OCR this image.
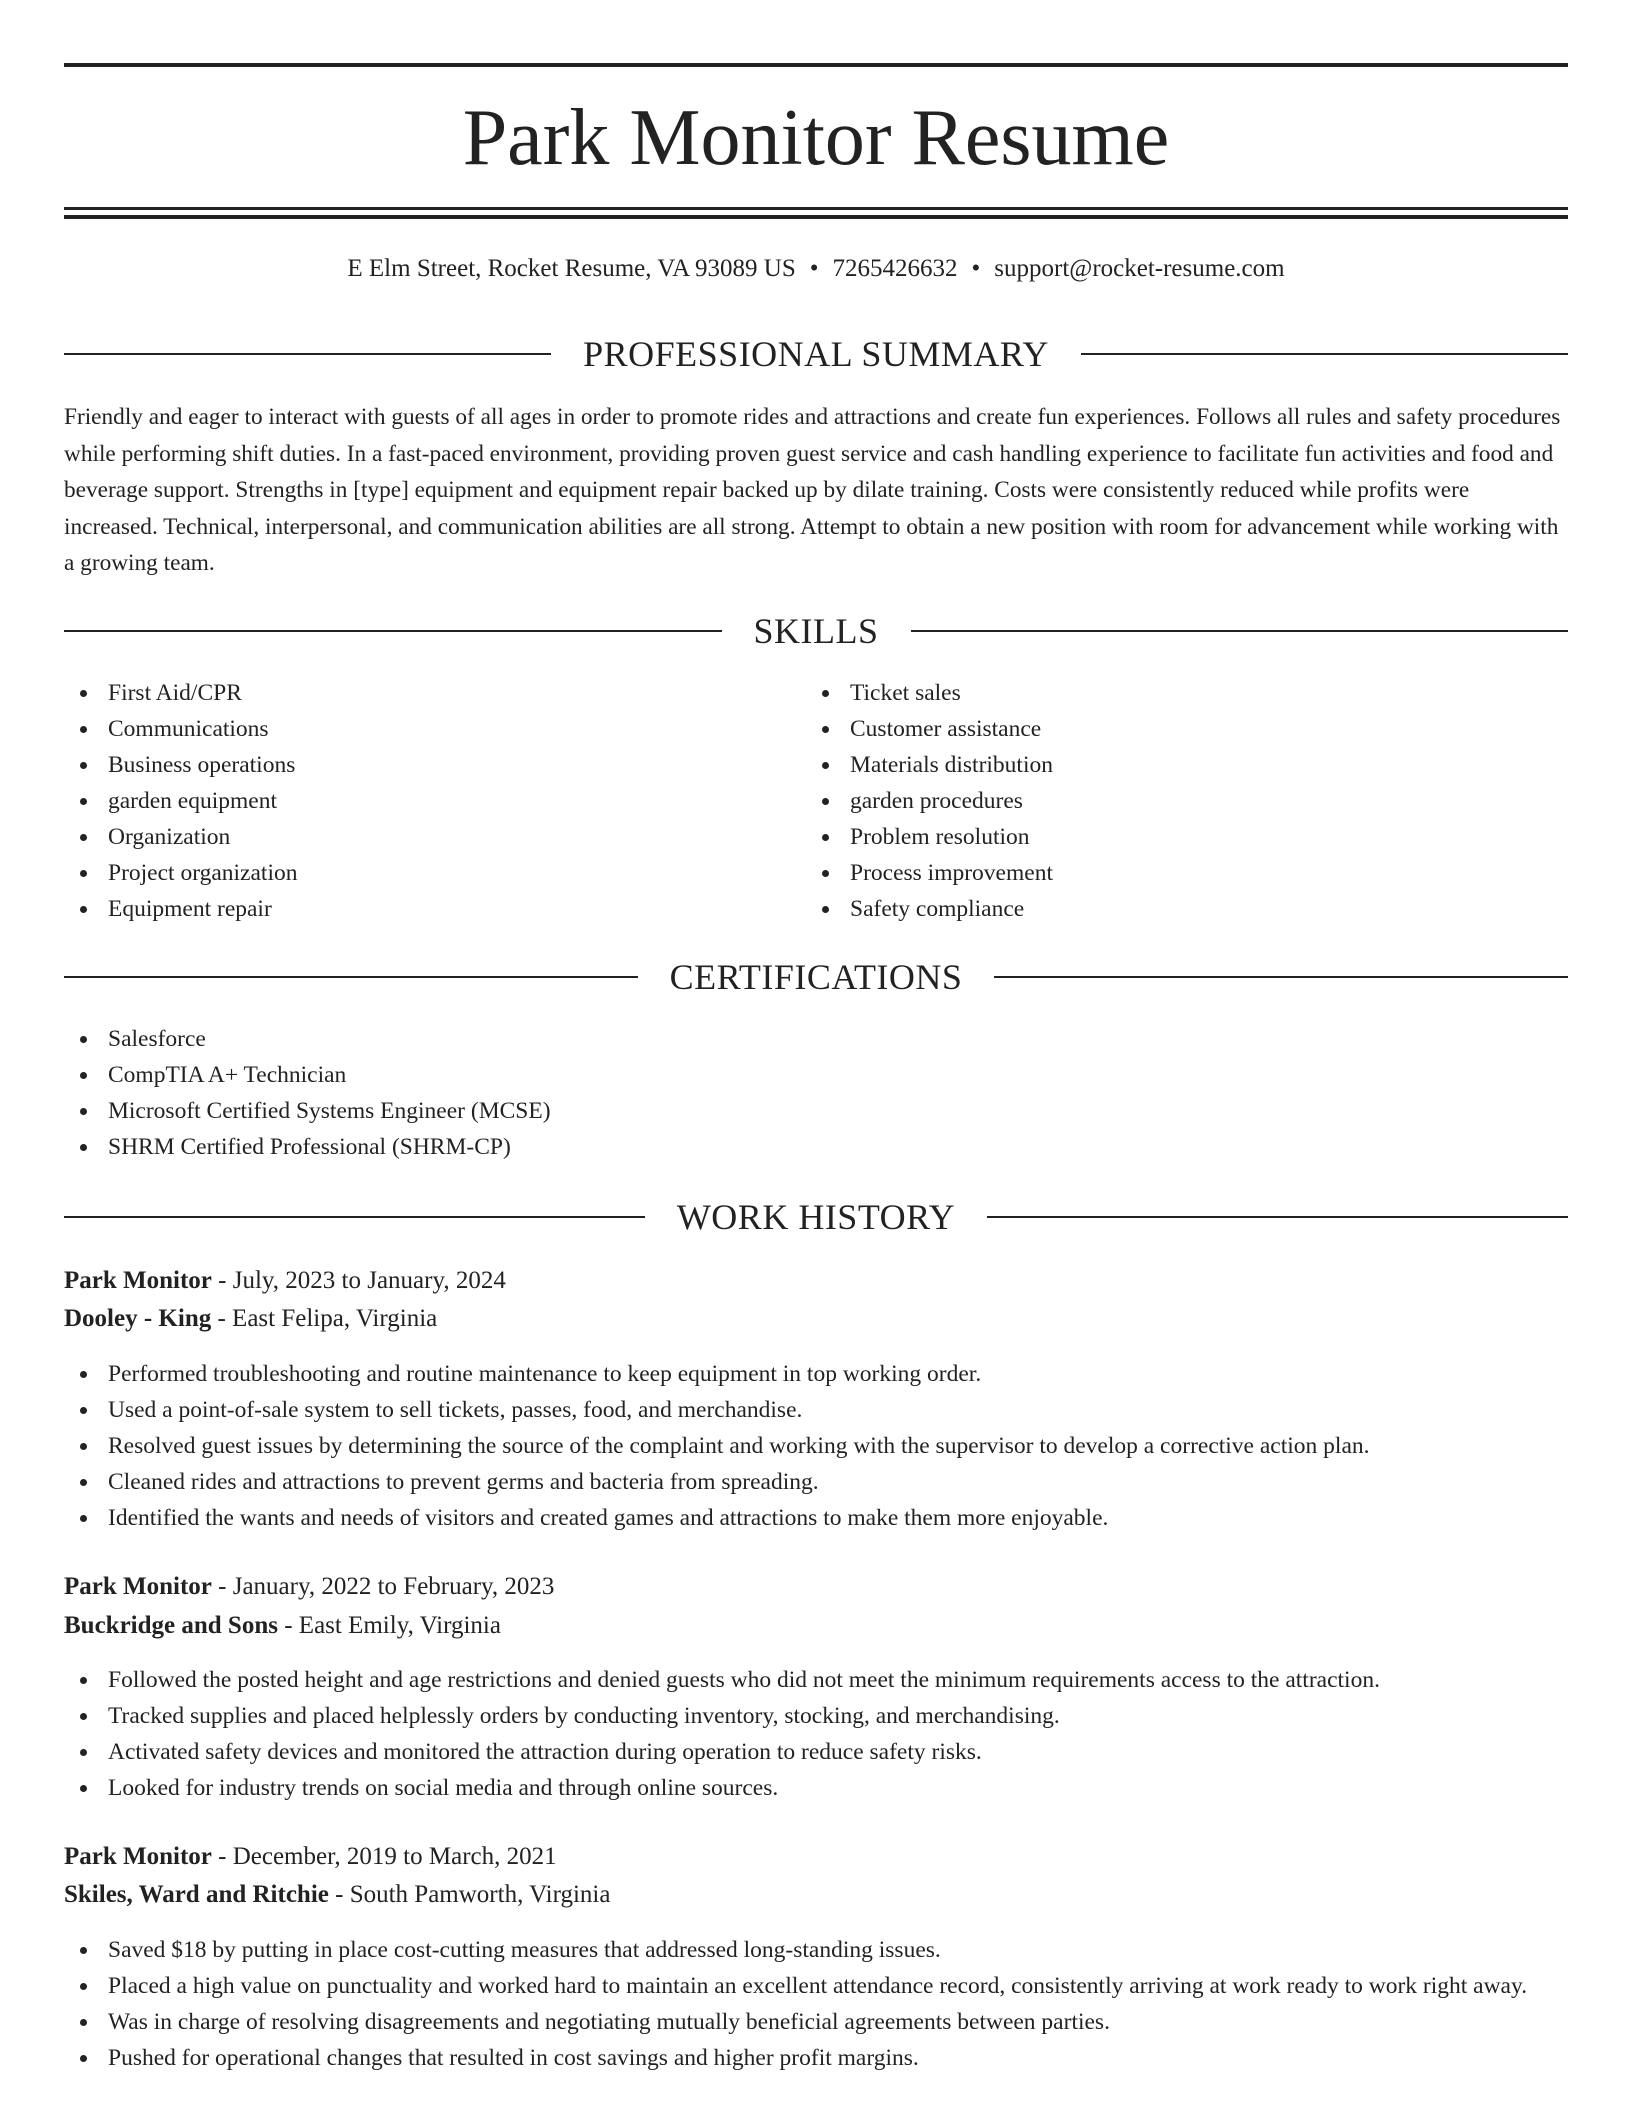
Park Monitor Resume
E Elm Street, Rocket Resume, VA 93089 US • 7265426632 • support@rocket-resume.com
PROFESSIONAL SUMMARY

Friendly and eager to interact with guests of all ages in order to promote rides and attractions and create fun experiences. Follows all rules and safety procedures while performing shift duties. In a fast-paced environment, providing proven guest service and cash handling experience to facilitate fun activities and food and beverage support. Strengths in [type] equipment and equipment repair backed up by dilate training. Costs were consistently reduced while profits were increased. Technical, interpersonal, and communication abilities are all strong. Attempt to obtain a new position with room for advancement while working with a growing team.

SKILLS
First Aid/CPR
Communications
Business operations
garden equipment
Organization
Project organization
Equipment repair
Ticket sales
Customer assistance
Materials distribution
garden procedures
Problem resolution
Process improvement
Safety compliance
CERTIFICATIONS
Salesforce
CompTIA A+ Technician
Microsoft Certified Systems Engineer (MCSE)
SHRM Certified Professional (SHRM-CP)
WORK HISTORY
Park Monitor - July, 2023 to January, 2024
Dooley - King - East Felipa, Virginia
Performed troubleshooting and routine maintenance to keep equipment in top working order.
Used a point-of-sale system to sell tickets, passes, food, and merchandise.
Resolved guest issues by determining the source of the complaint and working with the supervisor to develop a corrective action plan.
Cleaned rides and attractions to prevent germs and bacteria from spreading.
Identified the wants and needs of visitors and created games and attractions to make them more enjoyable.
Park Monitor - January, 2022 to February, 2023
Buckridge and Sons - East Emily, Virginia
Followed the posted height and age restrictions and denied guests who did not meet the minimum requirements access to the attraction.
Tracked supplies and placed helplessly orders by conducting inventory, stocking, and merchandising.
Activated safety devices and monitored the attraction during operation to reduce safety risks.
Looked for industry trends on social media and through online sources.
Park Monitor - December, 2019 to March, 2021
Skiles, Ward and Ritchie - South Pamworth, Virginia
Saved $18 by putting in place cost-cutting measures that addressed long-standing issues.
Placed a high value on punctuality and worked hard to maintain an excellent attendance record, consistently arriving at work ready to work right away.
Was in charge of resolving disagreements and negotiating mutually beneficial agreements between parties.
Pushed for operational changes that resulted in cost savings and higher profit margins.
